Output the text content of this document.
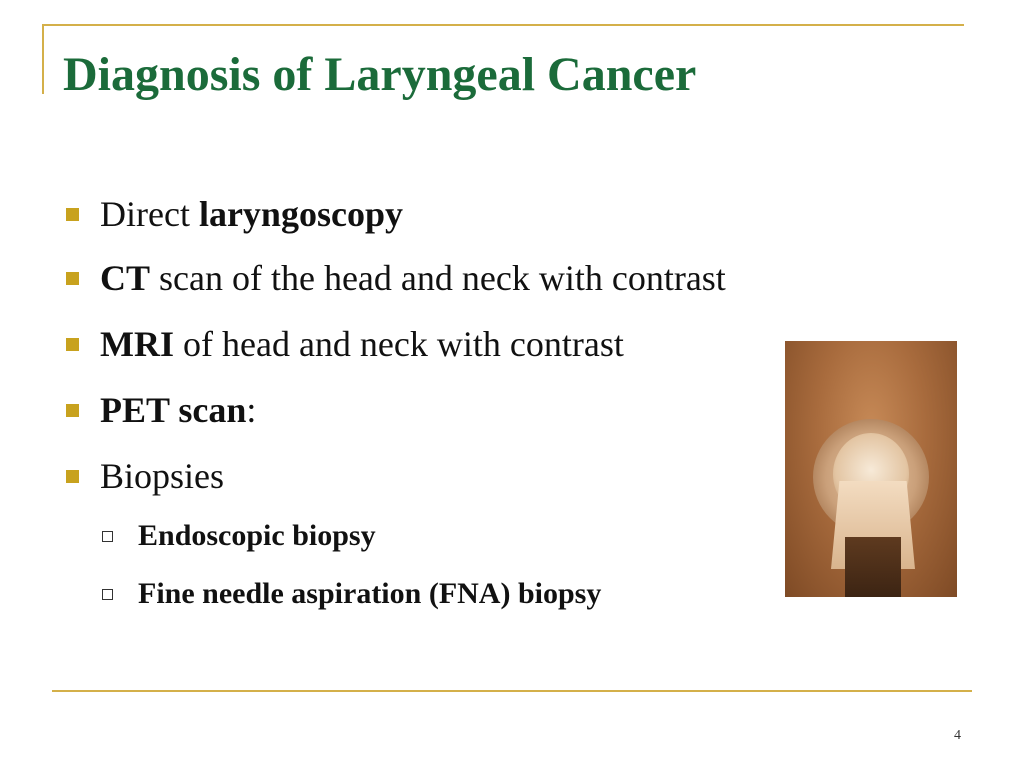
Diagnosis of Laryngeal Cancer
Direct laryngoscopy
CT scan of the head and neck with contrast
MRI of head and neck with contrast
PET scan:
Biopsies
Endoscopic biopsy
Fine needle aspiration (FNA) biopsy
4
